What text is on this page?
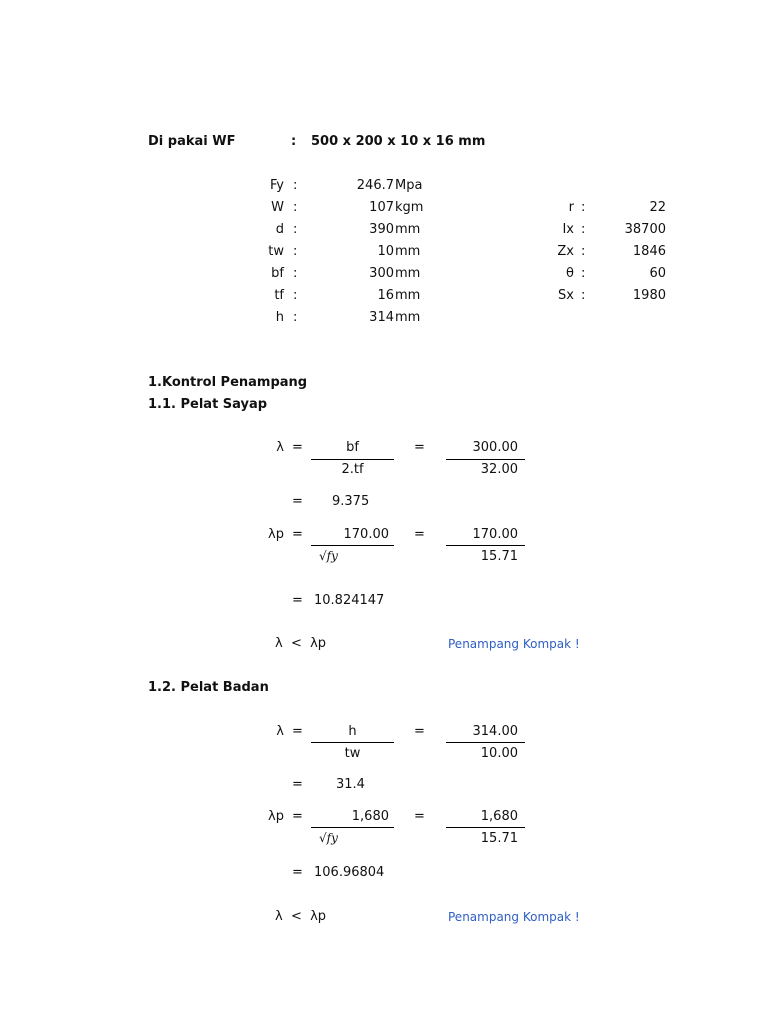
Di pakai WF	: 500 x 200 x 10 x 16 mm
Fy :	246.7 Mpa
W :	107 kgm
d :	390 mm
tw :	10 mm
bf :	300 mm
tf :	16 mm
h :	314 mm
r :	22
Ix :	38700
Zx :	1846
θ :	60
Sx :	1980
1.Kontrol Penampang
1.1. Pelat Sayap
λ =	bf
2.tf
=	300.00
32.00
= 9.375
λp =	170.00
√fy
=	170.00
15.71
= 10.824147
λ  <  λp	Penampang Kompak !
1.2. Pelat Badan
λ =	h
tw
=	314.00
10.00
=	31.4
λp =	1,680
√fy
=	1,680
15.71
= 106.96804
λ  <  λp	Penampang Kompak !
